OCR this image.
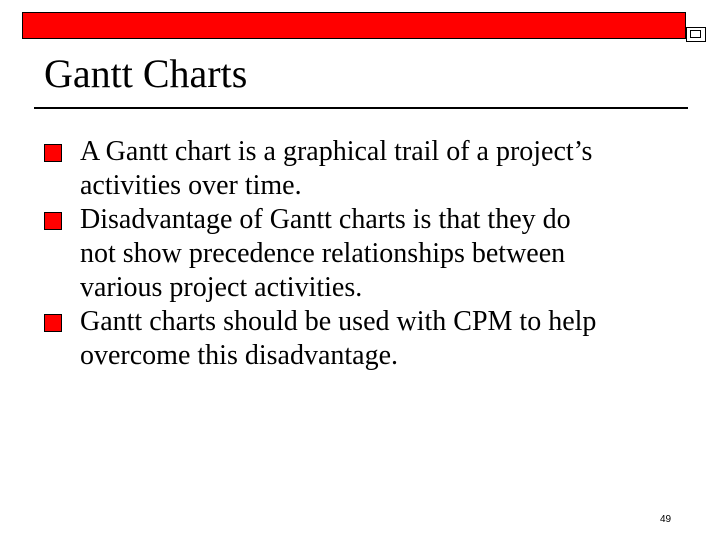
Gantt Charts
A Gantt chart is a graphical trail of a project’s
activities over time.
Disadvantage of Gantt charts is that they do
not show precedence relationships between
various project activities.
Gantt charts should be used with CPM to help
overcome this disadvantage.
49
